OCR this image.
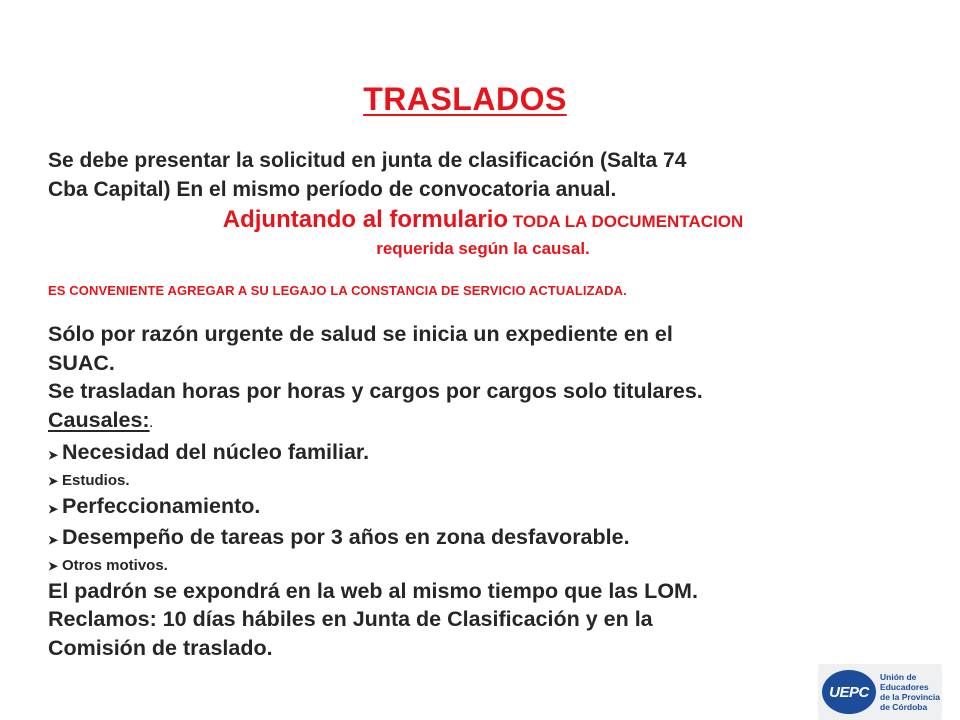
TRASLADOS

Se debe presentar la solicitud en junta de clasificación (Salta 74

Cba Capital) En el mismo período de convocatoria anual.

Adjuntando al formulario TODA LA DOCUMENTACION

requerida según la causal.

ES CONVENIENTE AGREGAR A SU LEGAJO LA CONSTANCIA DE SERVICIO ACTUALIZADA.

Sólo por razón urgente de salud se inicia un expediente en el

SUAC.

Se trasladan horas por horas y cargos por cargos solo titulares.

Causales:.

➤ Necesidad del núcleo familiar.

➤ Estudios.

➤ Perfeccionamiento.

➤ Desempeño de tareas por 3 años en zona desfavorable.

➤ Otros motivos.

El padrón se expondrá en la web al mismo tiempo que las LOM.

Reclamos: 10 días hábiles en Junta de Clasificación y en la

Comisión de traslado.

UEPC
Unión de
Educadores
de la Provincia
de Córdoba
